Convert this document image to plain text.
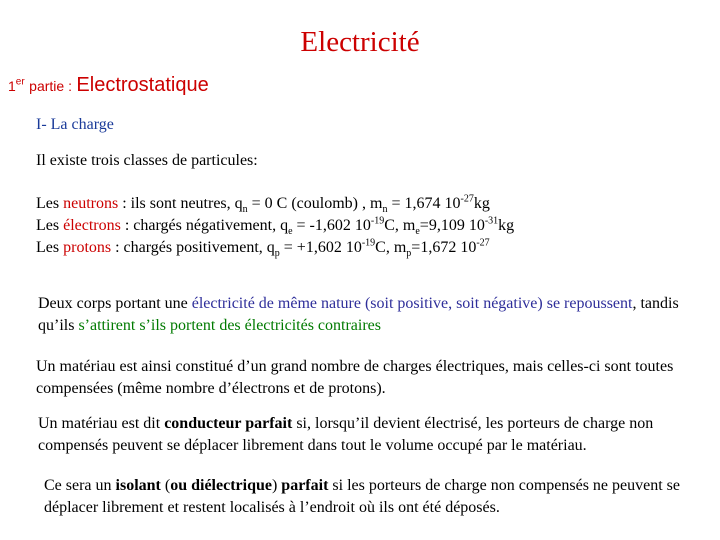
Electricité
1er partie : Electrostatique
I- La charge
Il existe trois classes de particules:
Les neutrons : ils sont neutres, $q_n = 0$ C (coulomb) , $m_n = 1,674$ $10^{-27}kg$
Les électrons : chargés négativement, $q_e = -1,602$ $10^{-19}C$, $m_e=9,109$ $10^{-31}kg$
Les protons : chargés positivement, $q_p = +1,602$ $10^{-19}C$, $m_p=1,672$ $10^{-27}$
Deux corps portant une électricité de même nature (soit positive, soit négative) se repoussent, tandis qu’ils s’attirent s’ils portent des électricités contraires
Un matériau est ainsi constitué d’un grand nombre de charges électriques, mais celles-ci sont toutes compensées (même nombre d’électrons et de protons).
Un matériau est dit conducteur parfait si, lorsqu’il devient électrisé, les porteurs de charge non compensés peuvent se déplacer librement dans tout le volume occupé par le matériau.
Ce sera un isolant (ou diélectrique) parfait si les porteurs de charge non compensés ne peuvent se déplacer librement et restent localisés à l’endroit où ils ont été déposés.
